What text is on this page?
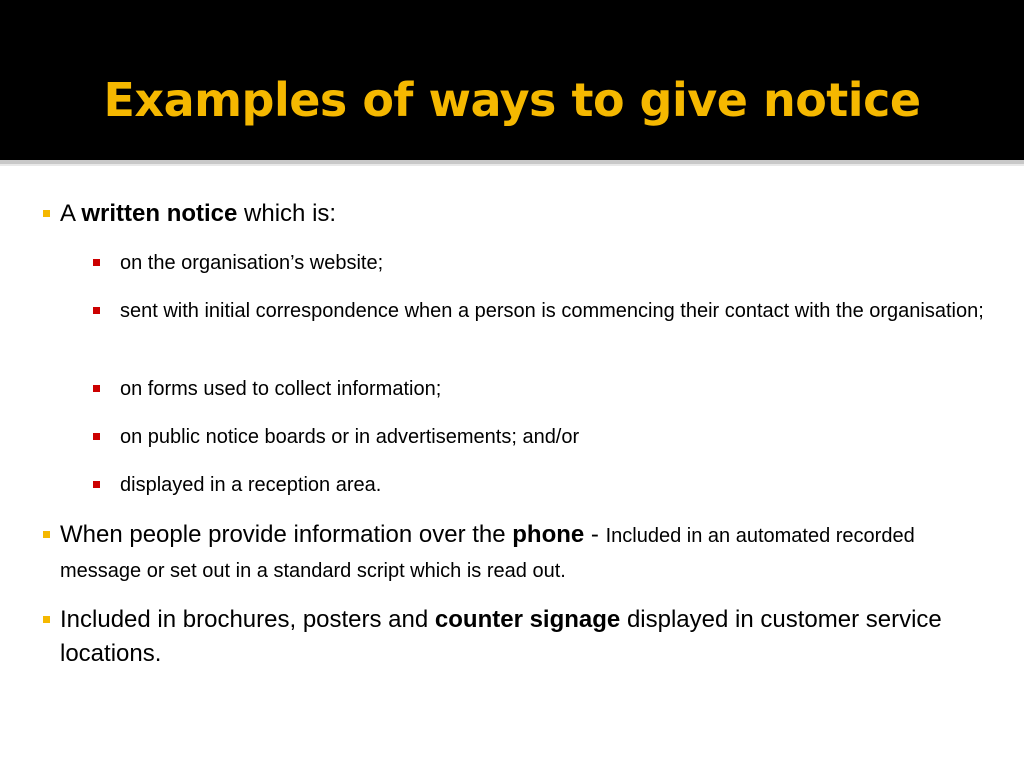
Examples of ways to give notice
A written notice which is:
on the organisation’s website;
sent with initial correspondence when a person is commencing their contact with the organisation;
on forms used to collect information;
on public notice boards or in advertisements; and/or
displayed in a reception area.
When people provide information over the phone - Included in an automated recorded message or set out in a standard script which is read out.
Included in brochures, posters and counter signage displayed in customer service locations.
